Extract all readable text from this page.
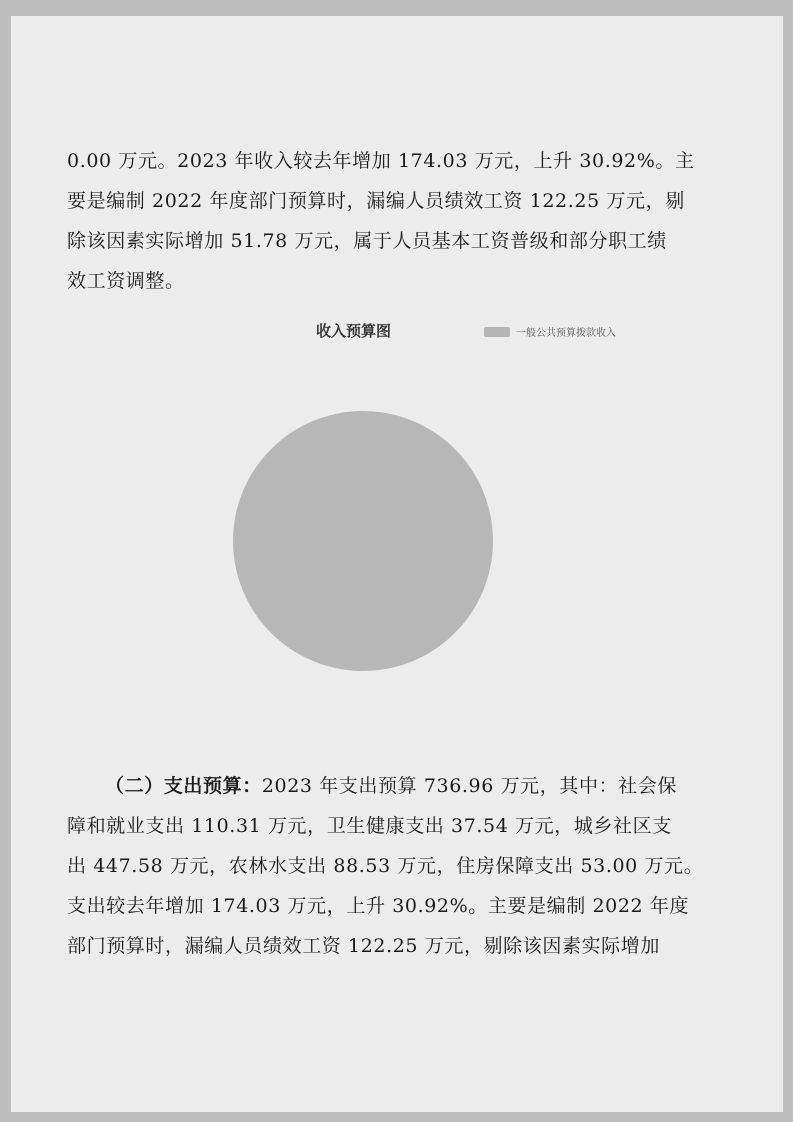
0.00 万元。2023 年收入较去年增加 174.03 万元，上升 30.92%。主

要是编制 2022 年度部门预算时，漏编人员绩效工资 122.25 万元，剔

除该因素实际增加 51.78 万元，属于人员基本工资普级和部分职工绩

效工资调整。

收入预算图	一般公共预算拨款收入

（二）支出预算：2023 年支出预算 736.96 万元，其中：社会保

障和就业支出 110.31 万元，卫生健康支出 37.54 万元，城乡社区支

出 447.58 万元，农林水支出 88.53 万元，住房保障支出 53.00 万元。

支出较去年增加 174.03 万元，上升 30.92%。主要是编制 2022 年度

部门预算时，漏编人员绩效工资 122.25 万元，剔除该因素实际增加
